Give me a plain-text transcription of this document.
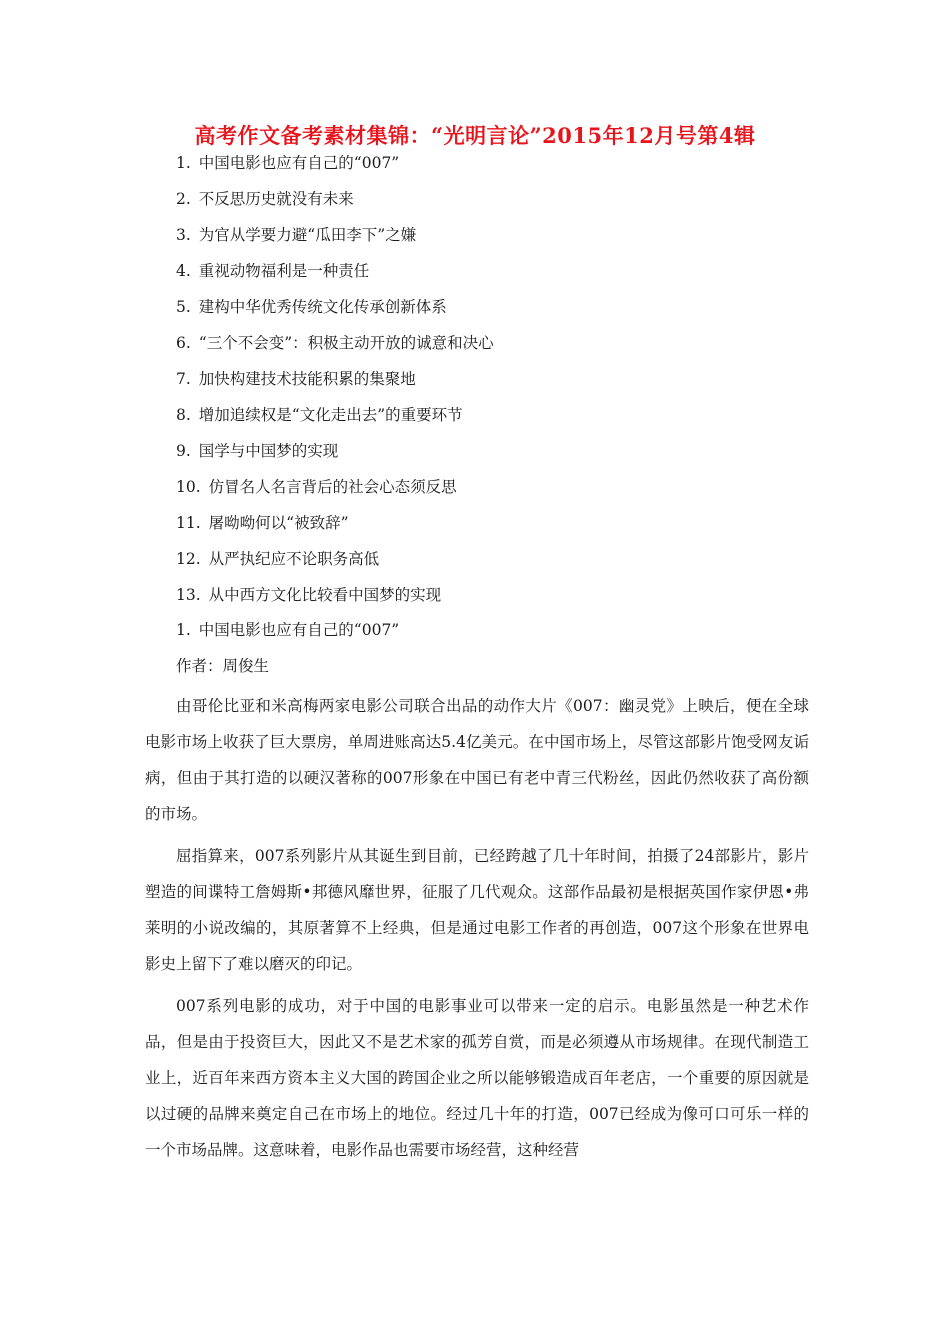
高考作文备考素材集锦：“光明言论”2015年12月号第4辑
1. 中国电影也应有自己的“007”
2. 不反思历史就没有未来
3. 为官从学要力避“瓜田李下”之嫌
4. 重视动物福利是一种责任
5. 建构中华优秀传统文化传承创新体系
6. “三个不会变”：积极主动开放的诚意和决心
7. 加快构建技术技能积累的集聚地
8. 增加追续权是“文化走出去”的重要环节
9. 国学与中国梦的实现
10. 仿冒名人名言背后的社会心态须反思
11. 屠呦呦何以“被致辞”
12. 从严执纪应不论职务高低
13. 从中西方文化比较看中国梦的实现
1. 中国电影也应有自己的“007”
作者：周俊生

由哥伦比亚和米高梅两家电影公司联合出品的动作大片《007：幽灵党》上映后，便在全球电影市场上收获了巨大票房，单周进账高达5.4亿美元。在中国市场上，尽管这部影片饱受网友诟病，但由于其打造的以硬汉著称的007形象在中国已有老中青三代粉丝，因此仍然收获了高份额的市场。

屈指算来，007系列影片从其诞生到目前，已经跨越了几十年时间，拍摄了24部影片，影片塑造的间谍特工詹姆斯•邦德风靡世界，征服了几代观众。这部作品最初是根据英国作家伊恩•弗莱明的小说改编的，其原著算不上经典，但是通过电影工作者的再创造，007这个形象在世界电影史上留下了难以磨灭的印记。

007系列电影的成功，对于中国的电影事业可以带来一定的启示。电影虽然是一种艺术作品，但是由于投资巨大，因此又不是艺术家的孤芳自赏，而是必须遵从市场规律。在现代制造工业上，近百年来西方资本主义大国的跨国企业之所以能够锻造成百年老店，一个重要的原因就是以过硬的品牌来奠定自己在市场上的地位。经过几十年的打造，007已经成为像可口可乐一样的一个市场品牌。这意味着，电影作品也需要市场经营，这种经营
